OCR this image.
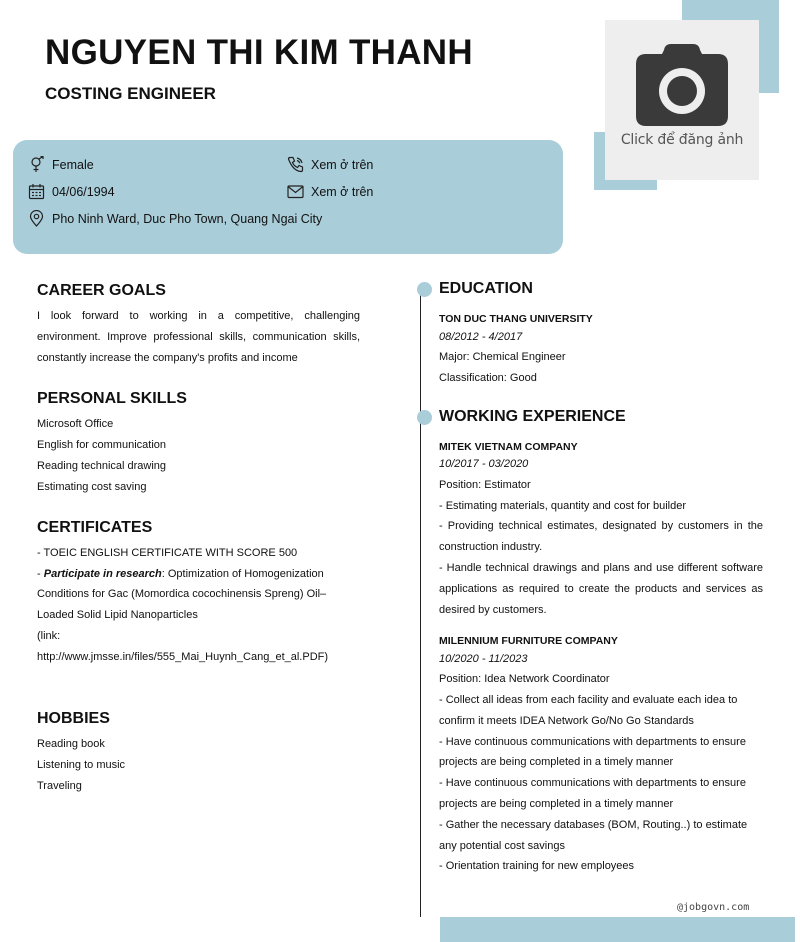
Click để đăng ảnh
NGUYEN THI KIM THANH
COSTING ENGINEER
Female
04/06/1994
Pho Ninh Ward, Duc Pho Town, Quang Ngai City
Xem ở trên
Xem ở trên
CAREER GOALS
I look forward to working in a competitive, challenging
environment. Improve professional skills, communication skills,
constantly increase the company's profits and income
PERSONAL SKILLS
Microsoft Office
English for communication
Reading technical drawing
Estimating cost saving
CERTIFICATES
- TOEIC ENGLISH CERTIFICATE WITH SCORE 500
- Participate in research: Optimization of Homogenization
Conditions for Gac (Momordica cocochinensis Spreng) Oil–
Loaded Solid Lipid Nanoparticles
(link:
http://www.jmsse.in/files/555_Mai_Huynh_Cang_et_al.PDF)
HOBBIES
Reading book
Listening to music
Traveling
EDUCATION
TON DUC THANG UNIVERSITY
08/2012 - 4/2017
Major: Chemical Engineer
Classification: Good
WORKING EXPERIENCE
MITEK VIETNAM COMPANY
10/2017 - 03/2020
Position: Estimator
- Estimating materials, quantity and cost for builder
- Providing technical estimates, designated by customers in the
construction industry.
- Handle technical drawings and plans and use different software
applications as required to create the products and services as
desired by customers.
MILENNIUM FURNITURE COMPANY
10/2020 - 11/2023
Position: Idea Network Coordinator
- Collect all ideas from each facility and evaluate each idea to
confirm it meets IDEA Network Go/No Go Standards
- Have continuous communications with departments to ensure
projects are being completed in a timely manner
- Have continuous communications with departments to ensure
projects are being completed in a timely manner
- Gather the necessary databases (BOM, Routing..) to estimate
any potential cost savings
- Orientation training for new employees
@jobgovn.com
